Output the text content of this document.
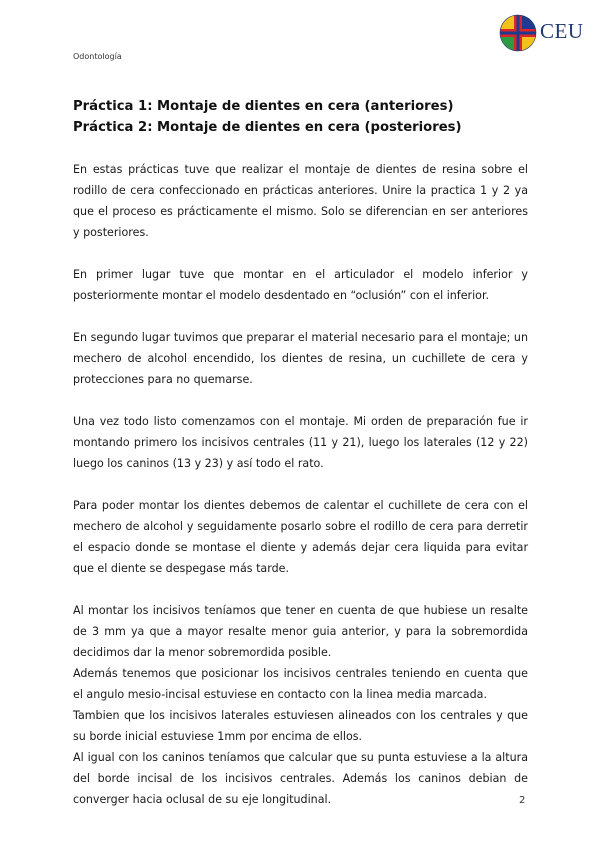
Odontología
CEU
Práctica 1: Montaje de dientes en cera (anteriores)
Práctica 2: Montaje de dientes en cera (posteriores)

En estas prácticas tuve que realizar el montaje de dientes de resina sobre el rodillo de cera confeccionado en prácticas anteriores. Unire la practica 1 y 2 ya que el proceso es prácticamente el mismo. Solo se diferencian en ser anteriores y posteriores.

En primer lugar tuve que montar en el articulador el modelo inferior y posteriormente montar el modelo desdentado en “oclusión” con el inferior.

En segundo lugar tuvimos que preparar el material necesario para el montaje; un mechero de alcohol encendido, los dientes de resina, un cuchillete de cera y protecciones para no quemarse.

Una vez todo listo comenzamos con el montaje. Mi orden de preparación fue ir montando primero los incisivos centrales (11 y 21), luego los laterales (12 y 22) luego los caninos (13 y 23) y así todo el rato.

Para poder montar los dientes debemos de calentar el cuchillete de cera con el mechero de alcohol y seguidamente posarlo sobre el rodillo de cera para derretir el espacio donde se montase el diente y además dejar cera liquida para evitar que el diente se despegase más tarde.

Al montar los incisivos teníamos que tener en cuenta de que hubiese un resalte de 3 mm ya que a mayor resalte menor guia anterior, y para la sobremordida decidimos dar la menor sobremordida posible.

Además tenemos que posicionar los incisivos centrales teniendo en cuenta que el angulo mesio-incisal estuviese en contacto con la linea media marcada.

Tambien que los incisivos laterales estuviesen alineados con los centrales y que su borde inicial estuviese 1mm por encima de ellos.

Al igual con los caninos teníamos que calcular que su punta estuviese a la altura del borde incisal de los incisivos centrales. Además los caninos debian de converger hacia oclusal de su eje longitudinal.	2
